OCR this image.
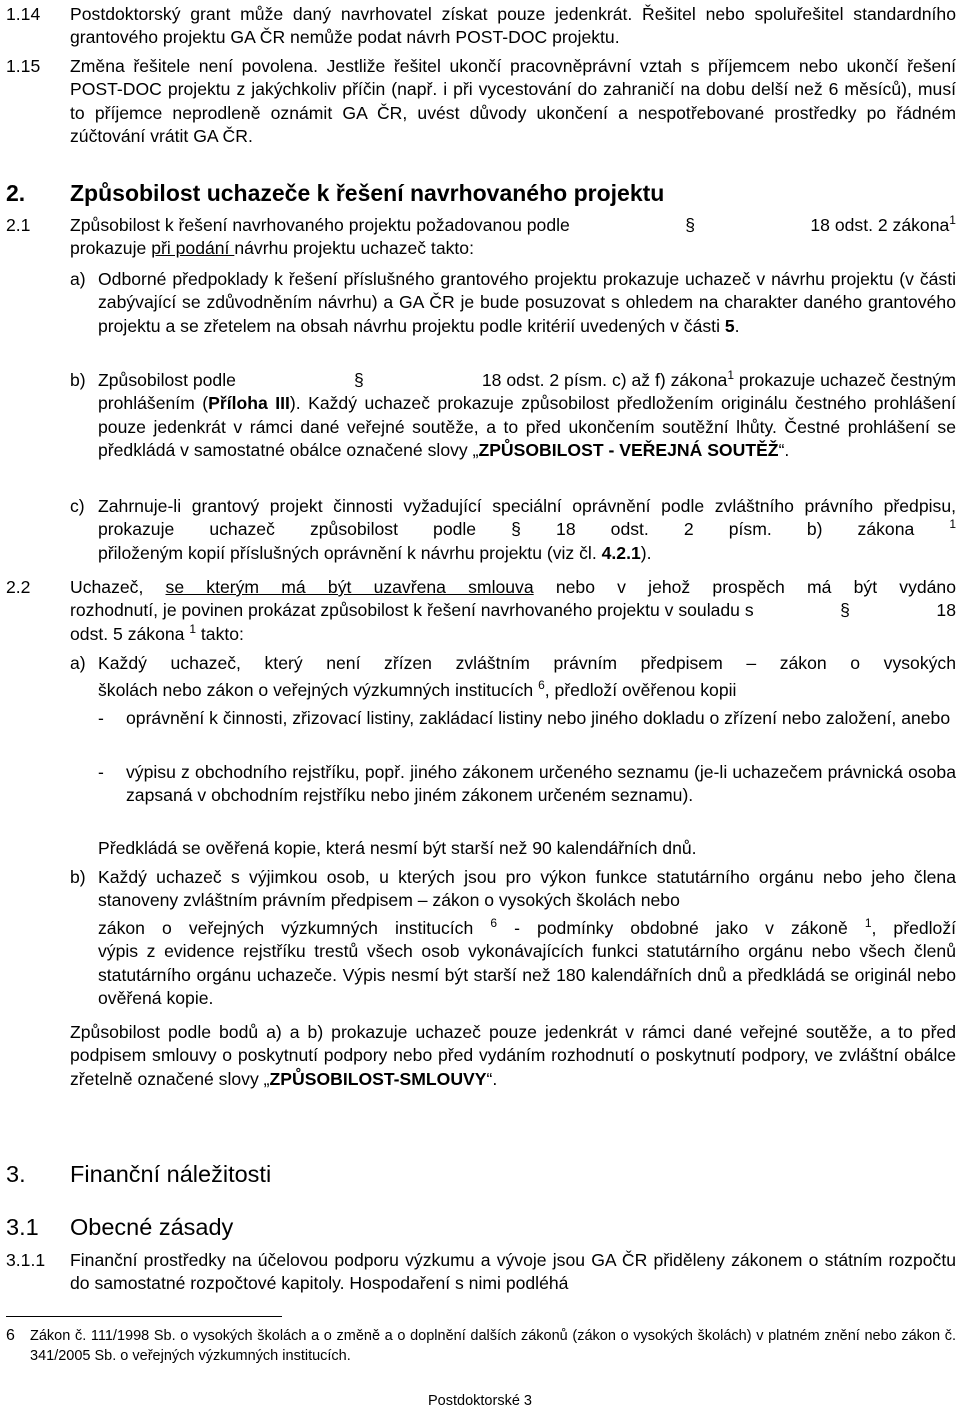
1.14 Postdoktorský grant může daný navrhovatel získat pouze jedenkrát. Řešitel nebo spoluřešitel standardního grantového projektu GA ČR nemůže podat návrh POST-DOC projektu.
1.15 Změna řešitele není povolena. Jestliže řešitel ukončí pracovněprávní vztah s příjemcem nebo ukončí řešení POST-DOC projektu z jakýchkoliv příčin (např. i při vycestování do zahraničí na dobu delší než 6 měsíců), musí to příjemce neprodleně oznámit GA ČR, uvést důvody ukončení a nespotřebované prostředky po řádném zúčtování vrátit GA ČR.
2. Způsobilost uchazeče k řešení navrhovaného projektu
2.1 Způsobilost k řešení navrhovaného projektu požadovanou podle	§	18 odst. 2 zákona$^1$
prokazuje při podání návrhu projektu uchazeč takto:
a) Odborné předpoklady k řešení příslušného grantového projektu prokazuje uchazeč v návrhu projektu (v části zabývající se zdůvodněním návrhu) a GA ČR je bude posuzovat s ohledem na charakter daného grantového projektu a se zřetelem na obsah návrhu projektu podle kritérií uvedených v části 5.
b) Způsobilost podle	§	18 odst. 2 písm. c) až f) zákona$^1$ prokazuje uchazeč čestným
prohlášením (Příloha III). Každý uchazeč prokazuje způsobilost předložením originálu čestného prohlášení pouze jedenkrát v rámci dané veřejné soutěže, a to před ukončením soutěžní lhůty. Čestné prohlášení se předkládá v samostatné obálce označené slovy „ZPŮSOBILOST - VEŘEJNÁ SOUTĚŽ“.
c) Zahrnuje-li grantový projekt činnosti vyžadující speciální oprávnění podle zvláštního právního předpisu, prokazuje uchazeč způsobilost podle § 18 odst. 2 písm. b) zákona	$^1$
přiloženým kopií příslušných oprávnění k návrhu projektu (viz čl. 4.2.1).
2.2 Uchazeč, se kterým má být uzavřena smlouva nebo v jehož prospěch má být vydáno
rozhodnutí, je povinen prokázat způsobilost k řešení navrhovaného projektu v souladu s	§	18
odst. 5 zákona $^1$ takto:
a) Každý uchazeč, který není zřízen zvláštním právním předpisem – zákon o vysokých
školách nebo zákon o veřejných výzkumných institucích $^6$, předloží ověřenou kopii
- oprávnění k činnosti, zřizovací listiny, zakládací listiny nebo jiného dokladu o zřízení nebo založení, anebo
- výpisu z obchodního rejstříku, popř. jiného zákonem určeného seznamu (je-li uchazečem právnická osoba zapsaná v obchodním rejstříku nebo jiném zákonem určeném seznamu).
Předkládá se ověřená kopie, která nesmí být starší než 90 kalendářních dnů.
b) Každý uchazeč s výjimkou osob, u kterých jsou pro výkon funkce statutárního orgánu nebo jeho člena stanoveny zvláštním právním předpisem – zákon o vysokých školách nebo
zákon o veřejných výzkumných institucích $^6$ - podmínky obdobné jako v zákoně $^1$, předloží
výpis z evidence rejstříku trestů všech osob vykonávajících funkci statutárního orgánu nebo všech členů statutárního orgánu uchazeče. Výpis nesmí být starší než 180 kalendářních dnů a předkládá se originál nebo ověřená kopie.
Způsobilost podle bodů a) a b) prokazuje uchazeč pouze jedenkrát v rámci dané veřejné soutěže, a to před podpisem smlouvy o poskytnutí podpory nebo před vydáním rozhodnutí o poskytnutí podpory, ve zvláštní obálce zřetelně označené slovy „ZPŮSOBILOST-SMLOUVY“.
3. Finanční náležitosti
3.1 Obecné zásady
3.1.1 Finanční prostředky na účelovou podporu výzkumu a vývoje jsou GA ČR přiděleny zákonem o státním rozpočtu do samostatné rozpočtové kapitoly. Hospodaření s nimi podléhá
6 Zákon č. 111/1998 Sb. o vysokých školách a o změně a o doplnění dalších zákonů (zákon o vysokých školách) v platném znění nebo zákon č. 341/2005 Sb. o veřejných výzkumných institucích.
Postdoktorské 3
